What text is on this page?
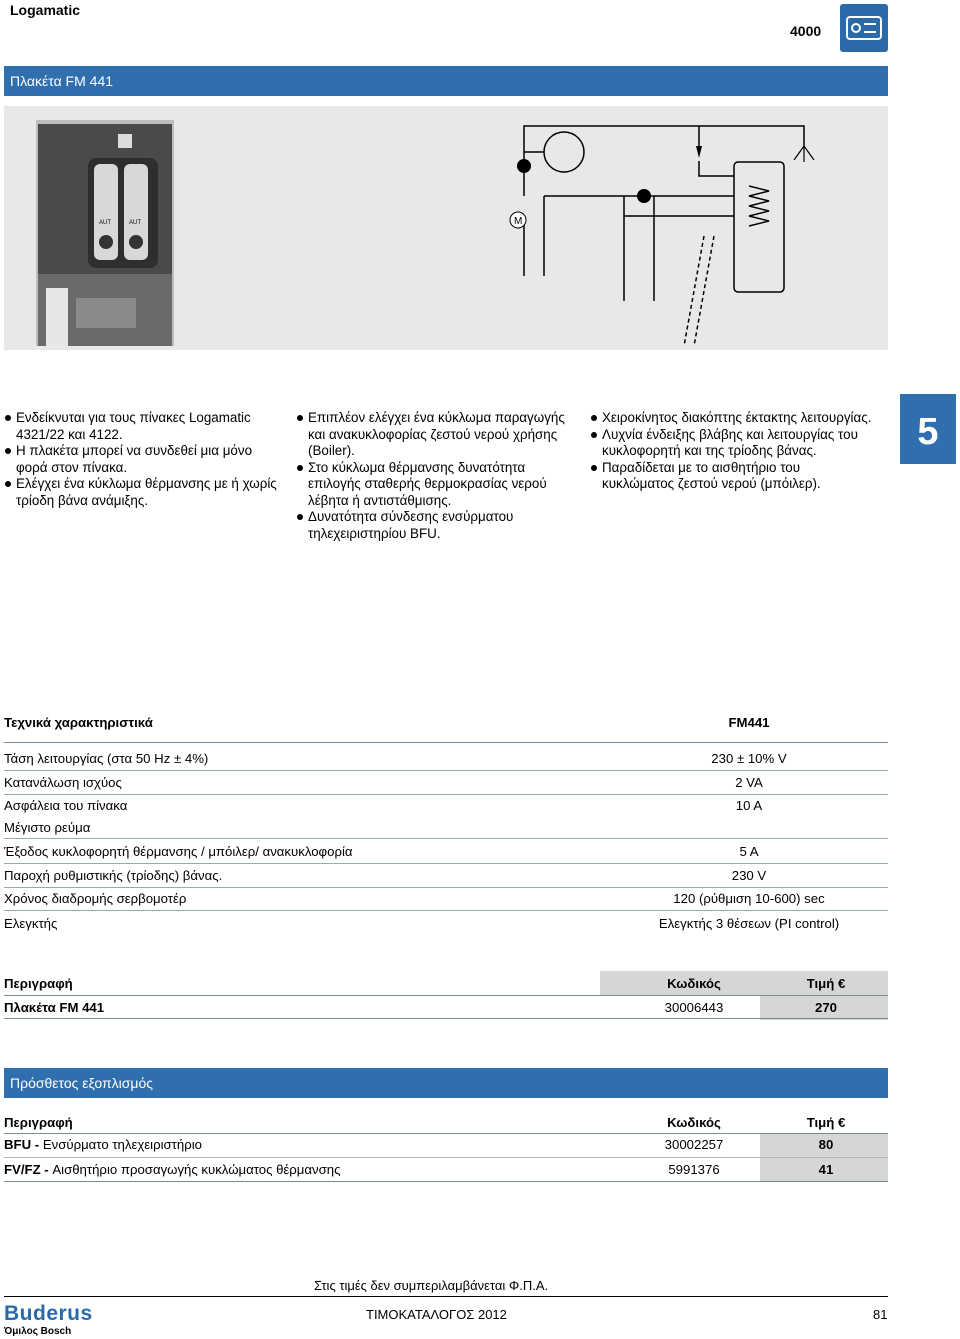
Logamatic
4000
Πλακέτα FM 441
AUT	AUT	M
Ενδείκνυται για τους πίνακες Logamatic 4321/22 και 4122.
Η πλακέτα μπορεί να συνδεθεί μια μόνο φορά στον πίνακα.
Ελέγχει ένα κύκλωμα θέρμανσης με ή χωρίς τρίοδη βάνα ανάμιξης.
Επιπλέον ελέγχει ένα κύκλωμα παραγωγής και ανακυκλοφορίας ζεστού νερού χρήσης (Boiler).
Στο κύκλωμα θέρμανσης δυνατότητα επιλογής σταθερής θερμοκρασίας νερού λέβητα ή αντιστάθμισης.
Δυνατότητα σύνδεσης ενσύρματου τηλεχειριστηρίου BFU.
Χειροκίνητος διακόπτης έκτακτης λειτουργίας.
Λυχνία ένδειξης βλάβης και λειτουργίας του κυκλοφορητή και της τρίοδης βάνας.
Παραδίδεται με το αισθητήριο του κυκλώματος ζεστού νερού (μπόιλερ).
5
Τεχνικά χαρακτηριστικά	FM441
Τάση λειτουργίας (στα 50 Hz ± 4%)	230 ± 10% V
Κατανάλωση ισχύος	2 VA
Ασφάλεια του πίνακα	10 A
Μέγιστο ρεύμα
Έξοδος κυκλοφορητή θέρμανσης / μπόιλερ/ ανακυκλοφορία	5 A
Παροχή ρυθμιστικής (τρίοδης) βάνας.	230 V
Χρόνος διαδρομής σερβομοτέρ	120 (ρύθμιση 10-600) sec
Ελεγκτής	Ελεγκτής 3 θέσεων (PI control)
Περιγραφή	Κωδικός	Τιμή €
Πλακέτα FM 441	30006443	270
Πρόσθετος εξοπλισμός
Περιγραφή	Κωδικός	Τιμή €
BFU - Ενσύρματο τηλεχειριστήριο	30002257	80
FV/FZ - Αισθητήριο προσαγωγής κυκλώματος θέρμανσης	5991376	41
Στις τιμές δεν συμπεριλαμβάνεται Φ.Π.Α.
Buderus
Όμιλος Bosch
ΤΙΜΟΚΑΤΑΛΟΓΟΣ 2012	81
